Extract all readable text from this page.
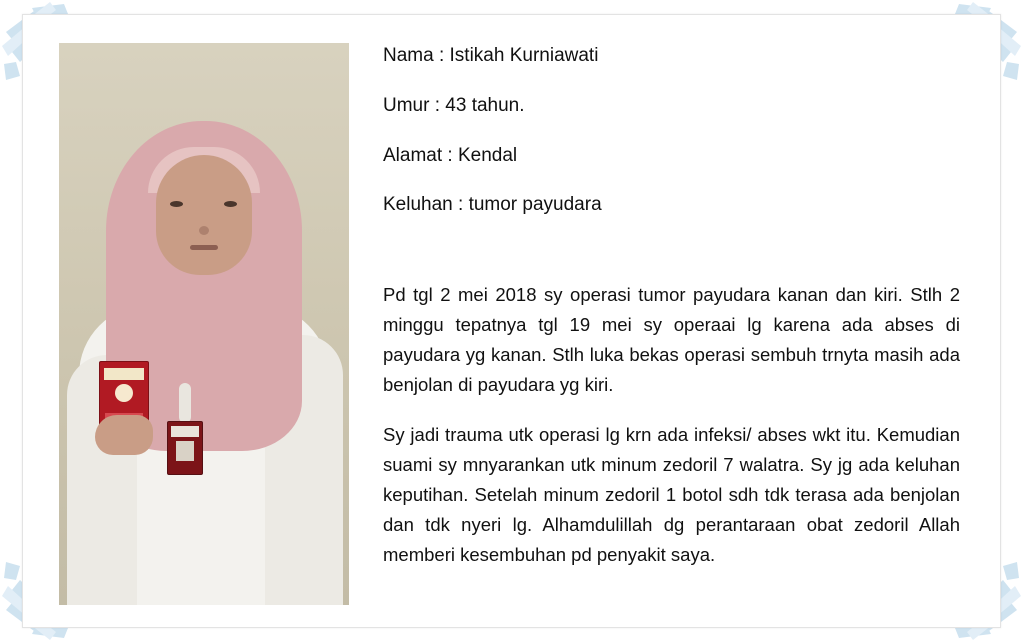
Nama : Istikah Kurniawati
Umur : 43 tahun.
Alamat : Kendal
Keluhan : tumor payudara
Pd tgl 2 mei 2018 sy operasi tumor payudara kanan dan kiri. Stlh 2 minggu tepatnya tgl 19 mei sy operaai lg karena ada abses di payudara yg kanan. Stlh luka bekas operasi sembuh trnyta masih ada benjolan di payudara yg kiri.
Sy jadi trauma utk operasi lg krn ada infeksi/ abses wkt itu. Kemudian suami sy mnyarankan utk minum zedoril 7 walatra. Sy jg ada keluhan keputihan. Setelah minum zedoril 1 botol sdh tdk terasa ada benjolan dan tdk nyeri lg. Alhamdulillah dg perantaraan obat zedoril Allah memberi kesembuhan pd penyakit saya.
